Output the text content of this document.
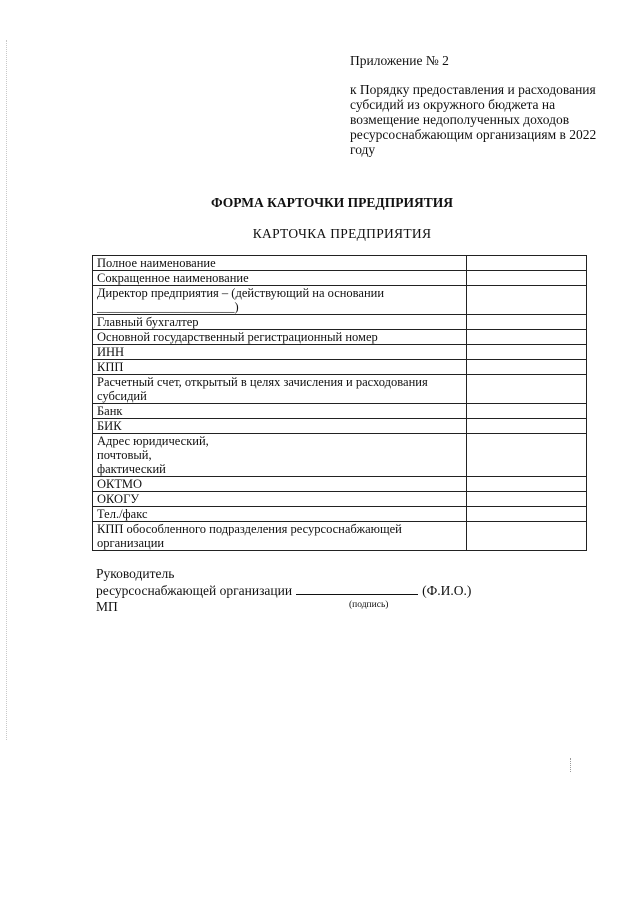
Приложение № 2
к Порядку предоставления и расходования субсидий из окружного бюджета на возмещение недополученных доходов ресурсоснабжающим организациям в 2022 году
ФОРМА КАРТОЧКИ ПРЕДПРИЯТИЯ
КАРТОЧКА ПРЕДПРИЯТИЯ
Полное наименование	
Сокращенное наименование	
Директор предприятия – (действующий на основании ______________________)	
Главный бухгалтер	
Основной государственный регистрационный номер	
ИНН	
КПП	
Расчетный счет, открытый в целях зачисления и расходования субсидий	
Банк	
БИК	

Адрес юридический,
почтовый,
фактический	

ОКТМО	
ОКОГУ	
Тел./факс	
КПП обособленного подразделения ресурсоснабжающей организации	
Руководитель
ресурсоснабжающей организации	(Ф.И.О.)
МП	(подпись)
